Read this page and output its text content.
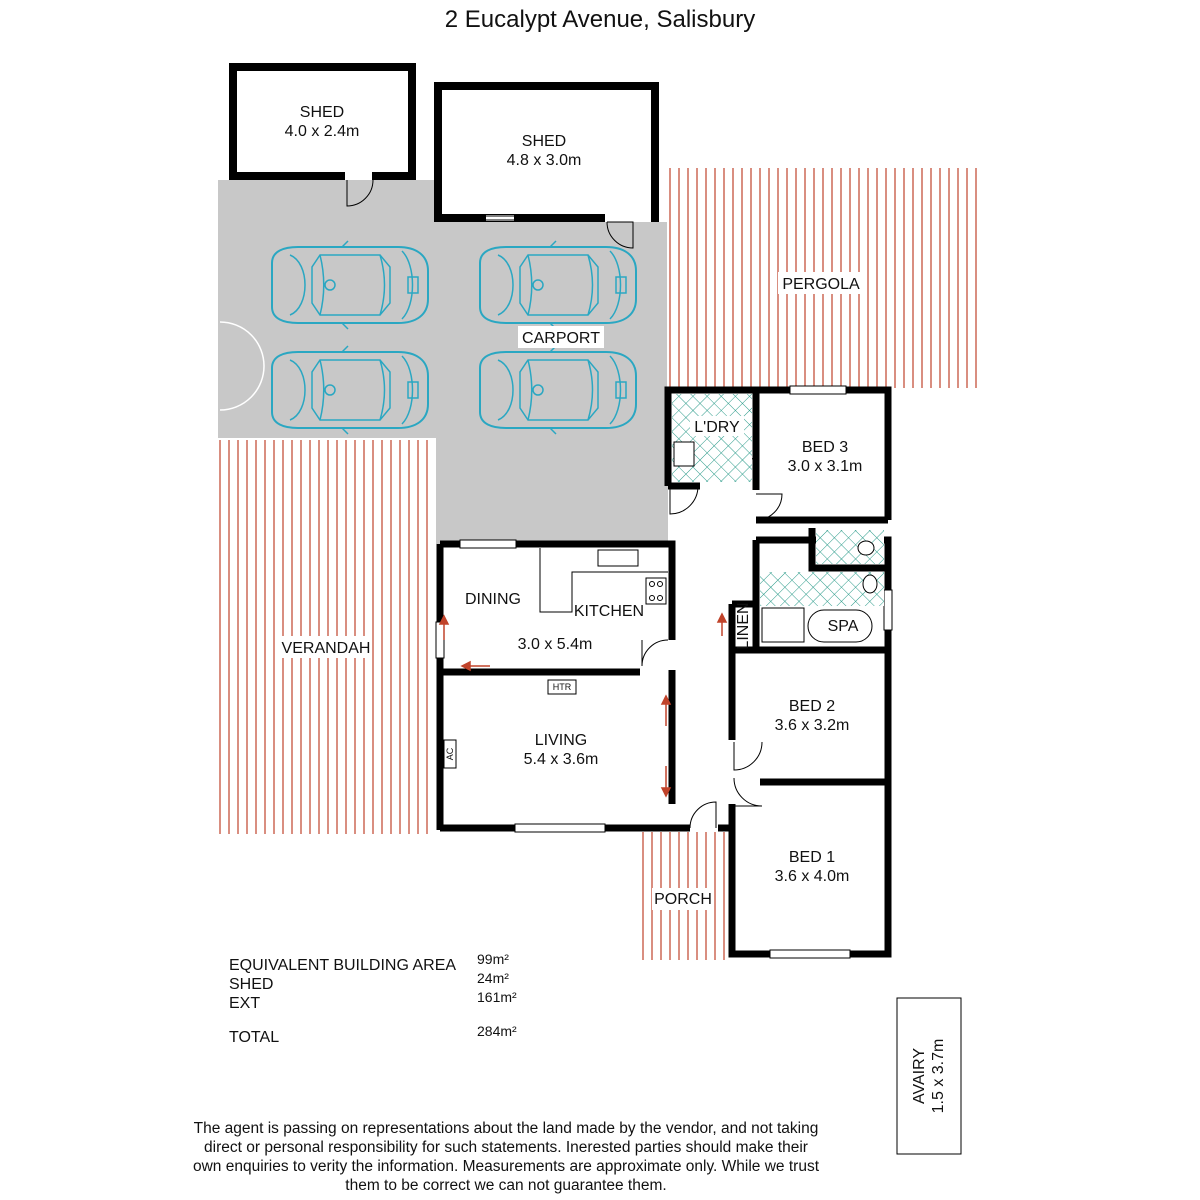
2 Eucalypt Avenue, Salisbury
SHED
4.0 x 2.4m
SHED
4.8 x 3.0m
CARPORT
PERGOLA
L'DRY
BED 3
3.0 x 3.1m
DINING
KITCHEN
3.0 x 5.4m	LINEN	SPA
VERANDAH
HTR
AC
LIVING
5.4 x 3.6m
BED 2
3.6 x 3.2m
BED 1
3.6 x 4.0m
PORCH
AVAIRY 1.5 x 3.7m
EQUIVALENT BUILDING AREA 99m²
SHED	24m²
EXT	161m²
TOTAL	284m²
The agent is passing on representations about the land made by the vendor, and not taking direct or personal responsibility for such statements. Inerested parties should make their own enquiries to verity the information. Measurements are approximate only. While we trust them to be correct we can not guarantee them.
